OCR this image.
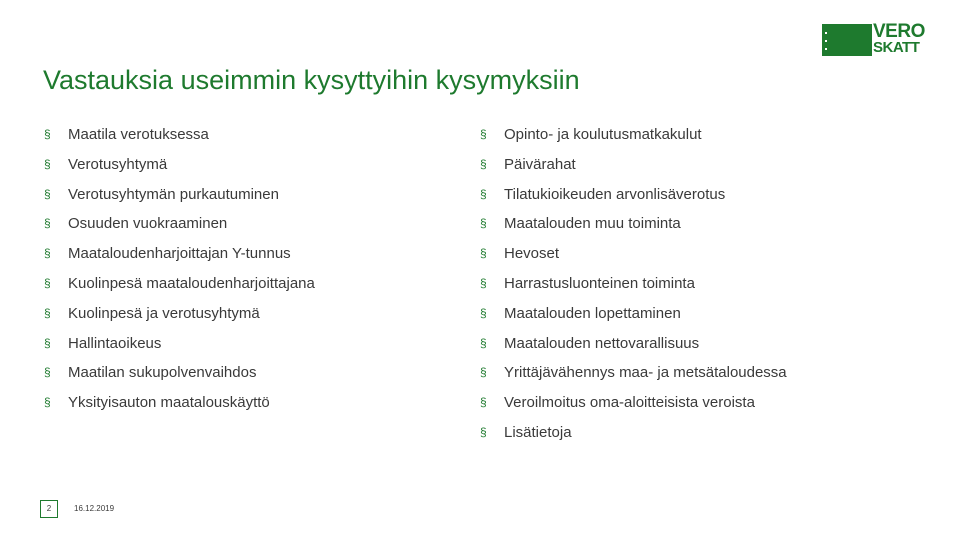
VERO
SKATT
Vastauksia useimmin kysyttyihin kysymyksiin
§ Maatila verotuksessa
§ Verotusyhtymä
§ Verotusyhtymän purkautuminen
§ Osuuden vuokraaminen
§ Maataloudenharjoittajan Y-tunnus
§ Kuolinpesä maataloudenharjoittajana
§ Kuolinpesä ja verotusyhtymä
§ Hallintaoikeus
§ Maatilan sukupolvenvaihdos
§ Yksityisauton maatalouskäyttö
§ Opinto- ja koulutusmatkakulut
§ Päivärahat
§ Tilatukioikeuden arvonlisäverotus
§ Maatalouden muu toiminta
§ Hevoset
§ Harrastusluonteinen toiminta
§ Maatalouden lopettaminen
§ Maatalouden nettovarallisuus
§ Yrittäjävähennys maa- ja metsätaloudessa
§ Veroilmoitus oma-aloitteisista veroista
§ Lisätietoja
2	16.12.2019
